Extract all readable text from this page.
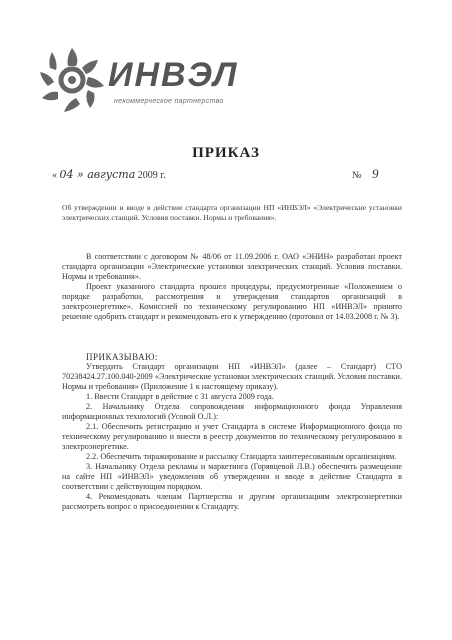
ИНВЭЛ
некоммерческое партнерство
ПРИКАЗ
« 04 » августа 2009 г.	№ 9
Об утверждении и вводе в действие стандарта организации НП «ИНВЭЛ» «Электрические установки электрических станций. Условия поставки. Нормы и требования».

В соответствии с договором № 48/06 от 11.09.2006 г. ОАО «ЭНИН» разработан проект стандарта организации «Электрические установки электрических станций. Условия поставки. Нормы и требования».

Проект указанного стандарта прошел процедуры, предусмотренные «Положением о порядке разработки, рассмотрения и утверждения стандартов организаций в электроэнергетике». Комиссией по техническому регулированию НП «ИНВЭЛ» принято решение одобрить стандарт и рекомендовать его к утверждению (протокол от 14.03.2008 г. № 3).

ПРИКАЗЫВАЮ:

Утвердить Стандарт организации НП «ИНВЭЛ» (далее – Стандарт) СТО 70238424.27.100.040-2009 «Электрические установки электрических станций. Условия поставки. Нормы и требования» (Приложение 1 к настоящему приказу).

1. Ввести Стандарт в действие с 31 августа 2009 года.

2. Начальнику Отдела сопровождения информационного фонда Управления информационных технологий (Усовой О.Л.):

2.1. Обеспечить регистрацию и учет Стандарта в системе Информационного фонда по техническому регулированию и внести в реестр документов по техническому регулированию в электроэнергетике.

2.2. Обеспечить тиражирование и рассылку Стандарта заинтересованным организациям.

3. Начальнику Отдела рекламы и маркетинга (Горявцевой Л.В.) обеспечить размещение на сайте НП «ИНВЭЛ» уведомления об утверждении и вводе в действие Стандарта в соответствии с действующим порядком.

4. Рекомендовать членам Партнерства и другим организациям электроэнергетики рассмотреть вопрос о присоединении к Стандарту.
